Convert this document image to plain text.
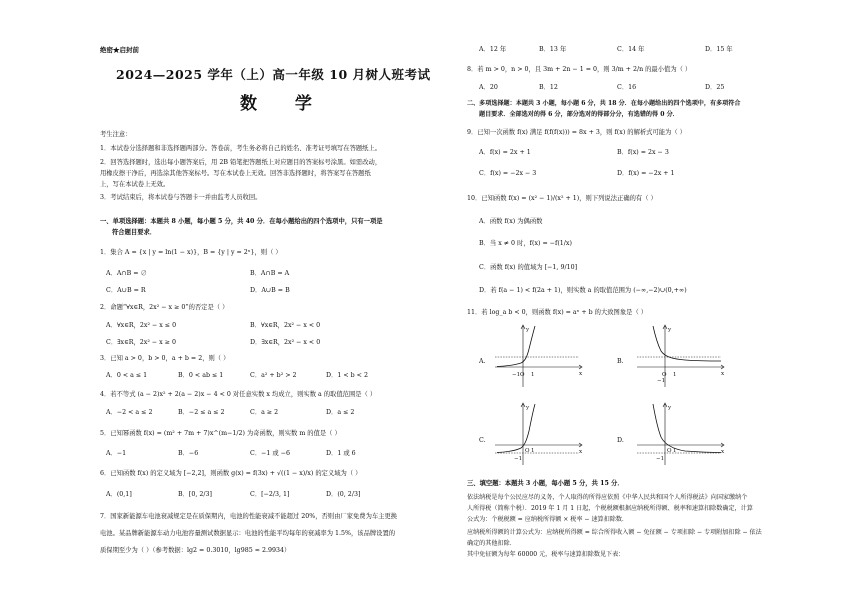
绝密★启封前
2024—2025 学年（上）高一年级 10 月树人班考试
数 学
考生注意：
1．本试卷分选择题和非选择题两部分。答卷前，考生务必将自己的姓名、准考证号填写在答题纸上。
2．回答选择题时，选出每小题答案后，用 2B 铅笔把答题纸上对应题目的答案标号涂黑。如需改动，
用橡皮擦干净后，再选涂其他答案标号。写在本试卷上无效。回答非选择题时，将答案写在答题纸
上，写在本试卷上无效。
3．考试结束后，将本试卷与答题卡一并由监考人员收回。
一、单项选择题：本题共 8 小题，每小题 5 分，共 40 分．在每小题给出的四个选项中，只有一项是
符合题目要求．
1．集合 A = {x | y = ln(1 − x)}，B = {y | y = 2ˣ}，则（ ）
A．A∩B = ∅	B．A∩B = A
C．A∪B = R	D．A∪B = B
2．命题“∀x∈R，2x² − x ≥ 0”的否定是（ ）
A．∀x∈R，2x² − x ≤ 0	B．∀x∈R，2x² − x < 0
C．∃x∈R，2x² − x ≥ 0	D．∃x∈R，2x² − x < 0
3．已知 a > 0，b > 0，a + b = 2，则（ ）
A．0 < a ≤ 1	B．0 < ab ≤ 1	C．a² + b² > 2	D．1 < b < 2
4．若不等式 (a − 2)x² + 2(a − 2)x − 4 < 0 对任意实数 x 均成立，则实数 a 的取值范围是（ ）
A．−2 < a ≤ 2	B．−2 ≤ a ≤ 2	C．a ≥ 2	D．a ≤ 2
5．已知幂函数 f(x) = (m² + 7m + 7)x^(m−1/2) 为奇函数，则实数 m 的值是（ ）
A．−1	B．−6	C．−1 或 −6	D．1 或 6
6．已知函数 f(x) 的定义域为 [−2,2]，则函数 g(x) = f(3x) + √((1 − x)/x) 的定义域为（ ）
A．(0,1]	B．[0, 2/3]	C．[−2/3, 1]	D．(0, 2/3]
7．国家新能源车电池衰减规定是在质保期内，电池的性能衰减不能超过 20%，否则由厂家免费为车主更换
电池。某品牌新能源车动力电池容量测试数据显示：电池的性能平均每年的衰减率为 1.5%，该品牌设置的
质保期至少为（ ）（参考数据：lg2 = 0.3010，lg985 ≈ 2.9934）
A．12 年	B．13 年	C．14 年	D．15 年
8．若 m > 0，n > 0，且 3m + 2n − 1 = 0，则 3/m + 2/n 的最小值为（ ）
A．20	B．12	C．16	D．25
二、多项选择题：本题共 3 小题，每小题 6 分，共 18 分．在每小题给出的四个选项中，有多项符合
题目要求．全部选对的得 6 分，部分选对的得部分分，有选错的得 0 分．
9．已知一次函数 f(x) 满足 f(f(f(x))) = 8x + 3，则 f(x) 的解析式可能为（ ）
A．f(x) = 2x + 1	B．f(x) = 2x − 3
C．f(x) = −2x − 3	D．f(x) = −2x + 1
10．已知函数 f(x) = (x² − 1)/(x² + 1)，则下列说法正确的有（ ）
A．函数 f(x) 为偶函数
B．当 x ≠ 0 时，f(x) = −f(1/x)
C．函数 f(x) 的值域为 [−1, 9/10]
D．若 f(a − 1) < f(2a + 1)，则实数 a 的取值范围为 (−∞,−2)∪(0,+∞)
11．若 log_a b < 0，则函数 f(x) = aˣ + b 的大致图象是（ ）
A.
y
x
O
−1 1
B.
y
x
O 1
−1
C.
y
x
O
−1
1
D.
y
x
O
−1
1
三、填空题：本题共 3 小题，每小题 5 分，共 15 分．
依法纳税是每个公民应尽的义务，个人取得的所得应依照《中华人民共和国个人所得税法》向国家缴纳个
人所得税（简称个税）．2019 年 1 月 1 日起，个税税额根据应纳税所得额、税率和速算扣除数确定，计算
公式为：个税税额 = 应纳税所得额 × 税率 − 速算扣除数．
应纳税所得额的计算公式为：应纳税所得额 = 综合所得收入额 − 免征额 − 专项扣除 − 专项附加扣除 − 依法
确定的其他扣除．
其中免征额为每年 60000 元，税率与速算扣除数见下表：
